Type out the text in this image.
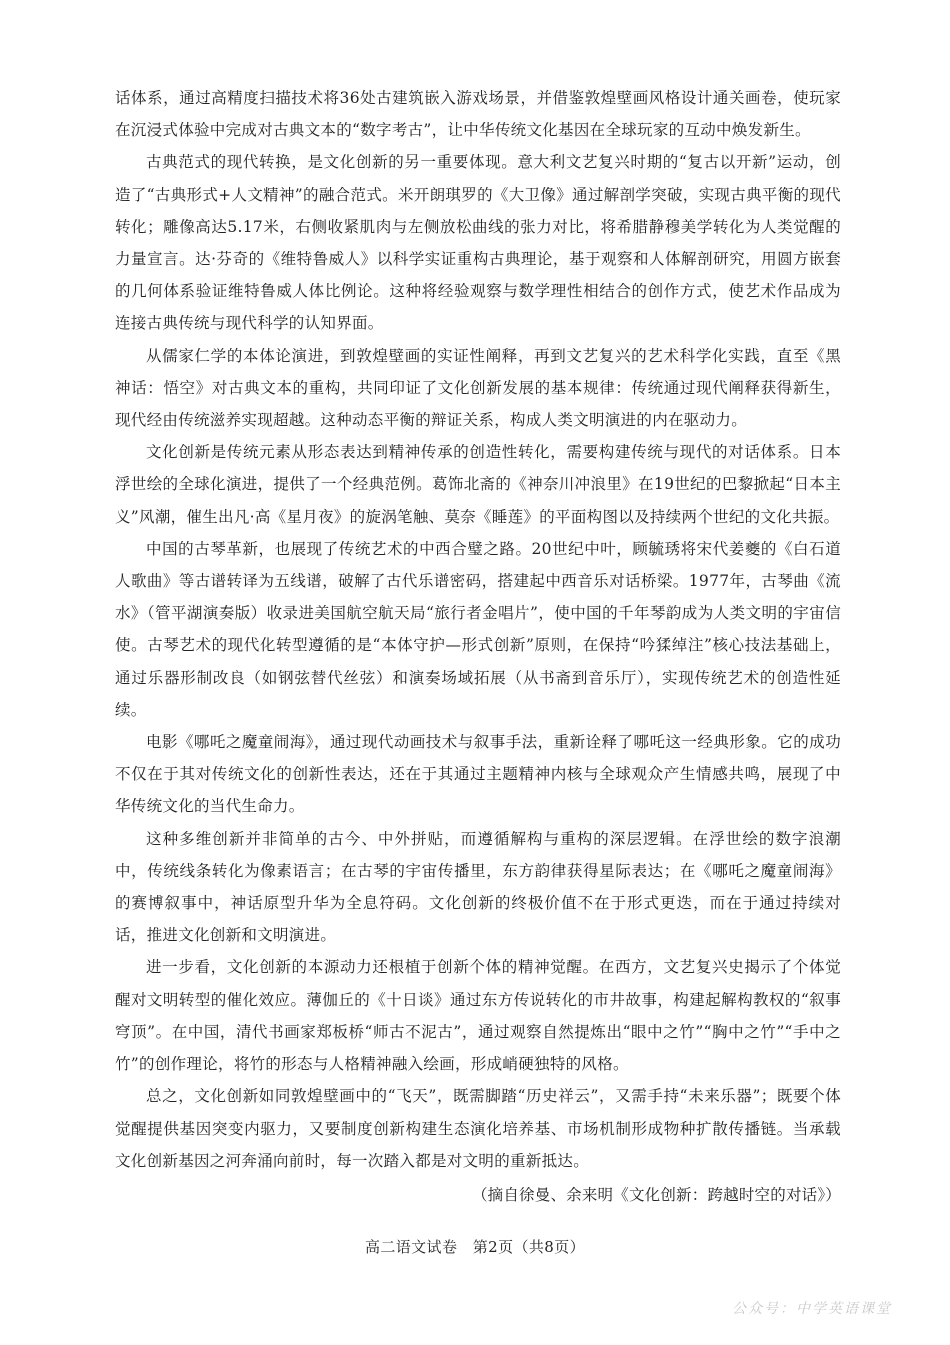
话体系，通过高精度扫描技术将36处古建筑嵌入游戏场景，并借鉴敦煌壁画风格设计通关画卷，使玩家在沉浸式体验中完成对古典文本的“数字考古”，让中华传统文化基因在全球玩家的互动中焕发新生。

古典范式的现代转换，是文化创新的另一重要体现。意大利文艺复兴时期的“复古以开新”运动，创造了“古典形式+人文精神”的融合范式。米开朗琪罗的《大卫像》通过解剖学突破，实现古典平衡的现代转化；雕像高达5.17米，右侧收紧肌肉与左侧放松曲线的张力对比，将希腊静穆美学转化为人类觉醒的力量宣言。达·芬奇的《维特鲁威人》以科学实证重构古典理论，基于观察和人体解剖研究，用圆方嵌套的几何体系验证维特鲁威人体比例论。这种将经验观察与数学理性相结合的创作方式，使艺术作品成为连接古典传统与现代科学的认知界面。

从儒家仁学的本体论演进，到敦煌壁画的实证性阐释，再到文艺复兴的艺术科学化实践，直至《黑神话：悟空》对古典文本的重构，共同印证了文化创新发展的基本规律：传统通过现代阐释获得新生，现代经由传统滋养实现超越。这种动态平衡的辩证关系，构成人类文明演进的内在驱动力。

文化创新是传统元素从形态表达到精神传承的创造性转化，需要构建传统与现代的对话体系。日本浮世绘的全球化演进，提供了一个经典范例。葛饰北斋的《神奈川冲浪里》在19世纪的巴黎掀起“日本主义”风潮，催生出凡·高《星月夜》的旋涡笔触、莫奈《睡莲》的平面构图以及持续两个世纪的文化共振。

中国的古琴革新，也展现了传统艺术的中西合璧之路。20世纪中叶，顾毓琇将宋代姜夔的《白石道人歌曲》等古谱转译为五线谱，破解了古代乐谱密码，搭建起中西音乐对话桥梁。1977年，古琴曲《流水》（管平湖演奏版）收录进美国航空航天局“旅行者金唱片”，使中国的千年琴韵成为人类文明的宇宙信使。古琴艺术的现代化转型遵循的是“本体守护—形式创新”原则，在保持“吟猱绰注”核心技法基础上，通过乐器形制改良（如钢弦替代丝弦）和演奏场域拓展（从书斋到音乐厅），实现传统艺术的创造性延续。

电影《哪吒之魔童闹海》，通过现代动画技术与叙事手法，重新诠释了哪吒这一经典形象。它的成功不仅在于其对传统文化的创新性表达，还在于其通过主题精神内核与全球观众产生情感共鸣，展现了中华传统文化的当代生命力。

这种多维创新并非简单的古今、中外拼贴，而遵循解构与重构的深层逻辑。在浮世绘的数字浪潮中，传统线条转化为像素语言；在古琴的宇宙传播里，东方韵律获得星际表达；在《哪吒之魔童闹海》的赛博叙事中，神话原型升华为全息符码。文化创新的终极价值不在于形式更迭，而在于通过持续对话，推进文化创新和文明演进。

进一步看，文化创新的本源动力还根植于创新个体的精神觉醒。在西方，文艺复兴史揭示了个体觉醒对文明转型的催化效应。薄伽丘的《十日谈》通过东方传说转化的市井故事，构建起解构教权的“叙事穹顶”。在中国，清代书画家郑板桥“师古不泥古”，通过观察自然提炼出“眼中之竹”“胸中之竹”“手中之竹”的创作理论，将竹的形态与人格精神融入绘画，形成峭硬独特的风格。

总之，文化创新如同敦煌壁画中的“飞天”，既需脚踏“历史祥云”，又需手持“未来乐器”；既要个体觉醒提供基因突变内驱力，又要制度创新构建生态演化培养基、市场机制形成物种扩散传播链。当承载文化创新基因之河奔涌向前时，每一次踏入都是对文明的重新抵达。

（摘自徐曼、余来明《文化创新：跨越时空的对话》）

高二语文试卷　第2页（共8页）
公众号：中学英语课堂
